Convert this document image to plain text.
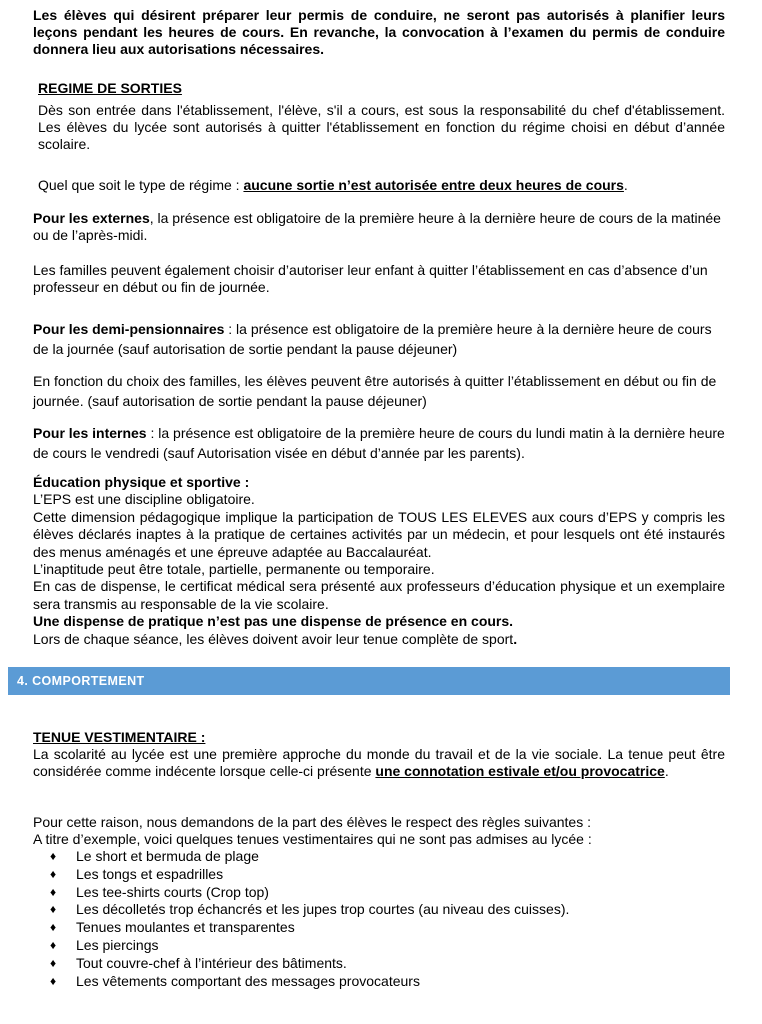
Les élèves qui désirent préparer leur permis de conduire, ne seront pas autorisés à planifier leurs leçons pendant les heures de cours. En revanche, la convocation à l’examen du permis de conduire donnera lieu aux autorisations nécessaires.

REGIME DE SORTIES

Dès son entrée dans l'établissement, l'élève, s'il a cours, est sous la responsabilité du chef d'établissement. Les élèves du lycée sont autorisés à quitter l'établissement en fonction du régime choisi en début d’année scolaire.

Quel que soit le type de régime : aucune sortie n’est autorisée entre deux heures de cours.

Pour les externes, la présence est obligatoire de la première heure à la dernière heure de cours de la matinée ou de l’après-midi.

Les familles peuvent également choisir d’autoriser leur enfant à quitter l’établissement en cas d’absence d’un professeur en début ou fin de journée.

Pour les demi-pensionnaires : la présence est obligatoire de la première heure à la dernière heure de cours de la journée (sauf autorisation de sortie pendant la pause déjeuner)

En fonction du choix des familles, les élèves peuvent être autorisés à quitter l’établissement en début ou fin de journée. (sauf autorisation de sortie pendant la pause déjeuner)

Pour les internes : la présence est obligatoire de la première heure de cours du lundi matin à la dernière heure de cours le vendredi (sauf Autorisation visée en début d’année par les parents).

Éducation physique et sportive :

L’EPS est une discipline obligatoire.

Cette dimension pédagogique implique la participation de TOUS LES ELEVES aux cours d’EPS y compris les élèves déclarés inaptes à la pratique de certaines activités par un médecin, et pour lesquels ont été instaurés des menus aménagés et une épreuve adaptée au Baccalauréat.

L’inaptitude peut être totale, partielle, permanente ou temporaire.

En cas de dispense, le certificat médical sera présenté aux professeurs d’éducation physique et un exemplaire sera transmis au responsable de la vie scolaire.

Une dispense de pratique n’est pas une dispense de présence en cours.

Lors de chaque séance, les élèves doivent avoir leur tenue complète de sport.

4. COMPORTEMENT

TENUE VESTIMENTAIRE :

La scolarité au lycée est une première approche du monde du travail et de la vie sociale. La tenue peut être considérée comme indécente lorsque celle-ci présente une connotation estivale et/ou provocatrice.

Pour cette raison, nous demandons de la part des élèves le respect des règles suivantes :

A titre d’exemple, voici quelques tenues vestimentaires qui ne sont pas admises au lycée :

♦ Le short et bermuda de plage
♦ Les tongs et espadrilles
♦ Les tee-shirts courts (Crop top)
♦ Les décolletés trop échancrés et les jupes trop courtes (au niveau des cuisses).
♦ Tenues moulantes et transparentes
♦ Les piercings
♦ Tout couvre-chef à l’intérieur des bâtiments.
♦ Les vêtements comportant des messages provocateurs
